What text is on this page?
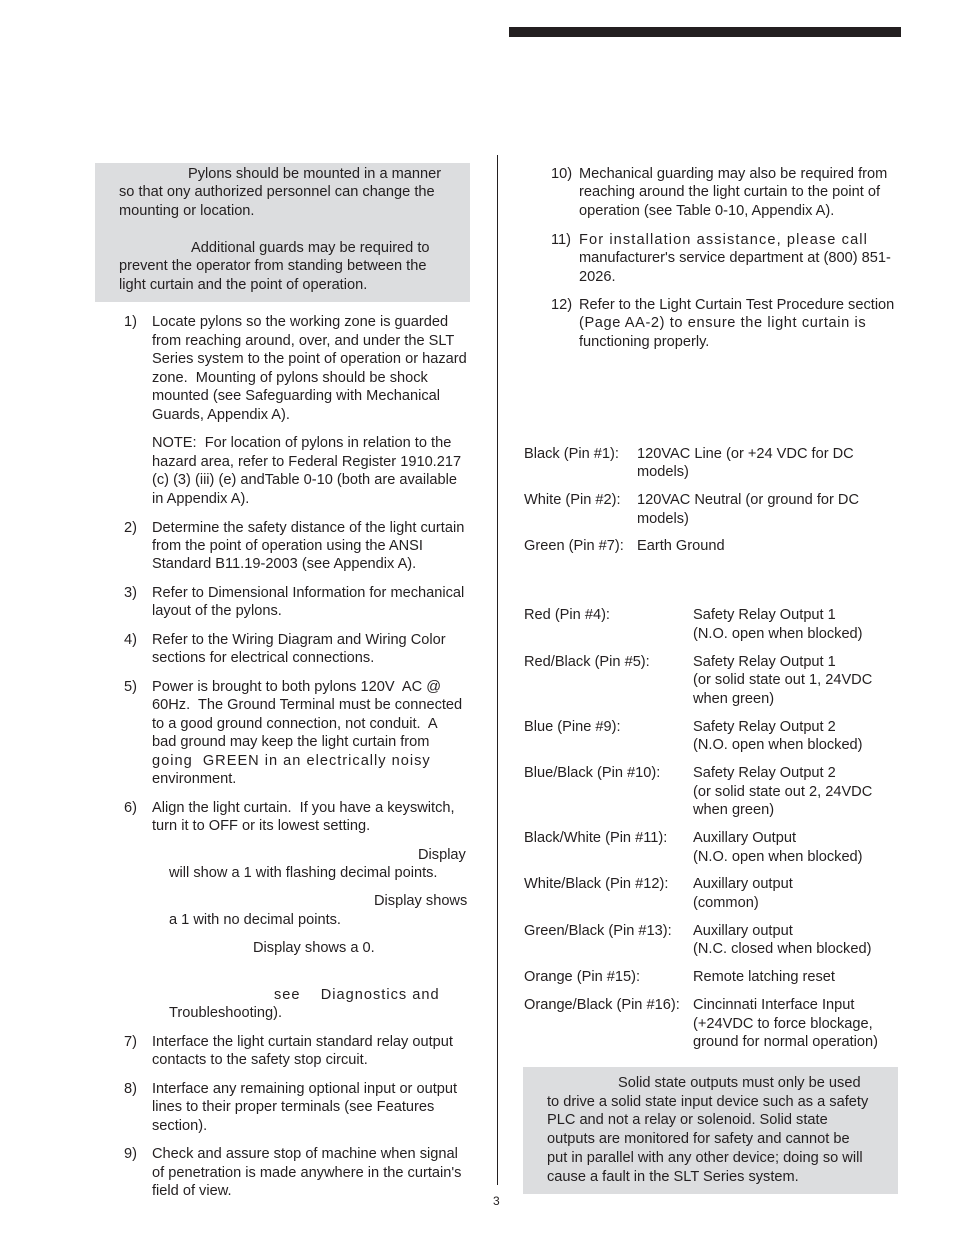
Pylons should be mounted in a manner
so that ony authorized personnel can change the
mounting or location.
Additional guards may be required to
prevent the operator from standing between the
light curtain and the point of operation.
1) Locate pylons so the working zone is guarded
from reaching around, over, and under the SLT
Series system to the point of operation or hazard
zone.  Mounting of pylons should be shock
mounted (see Safeguarding with Mechanical
Guards, Appendix A).
NOTE:  For location of pylons in relation to the
hazard area, refer to Federal Register 1910.217
(c) (3) (iii) (e) andTable 0-10 (both are available
in Appendix A).
2) Determine the safety distance of the light curtain
from the point of operation using the ANSI
Standard B11.19-2003 (see Appendix A).
3) Refer to Dimensional Information for mechanical
layout of the pylons.
4) Refer to the Wiring Diagram and Wiring Color
sections for electrical connections.
5) Power is brought to both pylons 120V  AC @
60Hz.  The Ground Terminal must be connected
to a good ground connection, not conduit.  A
bad ground may keep the light curtain from
going  GREEN in an electrically noisy
environment.
6) Align the light curtain.  If you have a keyswitch,
turn it to OFF or its lowest setting.
Display
will show a 1 with flashing decimal points.
Display shows
a 1 with no decimal points.
Display shows a 0.
see    Diagnostics and
Troubleshooting).
7) Interface the light curtain standard relay output
contacts to the safety stop circuit.
8) Interface any remaining optional input or output
lines to their proper terminals (see Features
section).
9) Check and assure stop of machine when signal
of penetration is made anywhere in the curtain's
field of view.
3
10) Mechanical guarding may also be required from
reaching around the light curtain to the point of
operation (see Table 0-10, Appendix A).
11) For installation assistance, please call
manufacturer's service department at (800) 851-
2026.
12) Refer to the Light Curtain Test Procedure section
(Page AA-2) to ensure the light curtain is
functioning properly.
Black (Pin #1): 120VAC Line (or +24 VDC for DC
models)
White (Pin #2): 120VAC Neutral (or ground for DC
models)
Green (Pin #7): Earth Ground
Red (Pin #4):	Safety Relay Output 1
(N.O. open when blocked)
Red/Black (Pin #5):	Safety Relay Output 1
(or solid state out 1, 24VDC
when green)
Blue (Pine #9):	Safety Relay Output 2
(N.O. open when blocked)
Blue/Black (Pin #10): Safety Relay Output 2
(or solid state out 2, 24VDC
when green)
Black/White (Pin #11): Auxillary Output
(N.O. open when blocked)
White/Black (Pin #12): Auxillary output
(common)
Green/Black (Pin #13): Auxillary output
(N.C. closed when blocked)
Orange (Pin #15):	Remote latching reset
Orange/Black (Pin #16): Cincinnati Interface Input
(+24VDC to force blockage,
ground for normal operation)
Solid state outputs must only be used
to drive a solid state input device such as a safety
PLC and not a relay or solenoid. Solid state
outputs are monitored for safety and cannot be
put in parallel with any other device; doing so will
cause a fault in the SLT Series system.
